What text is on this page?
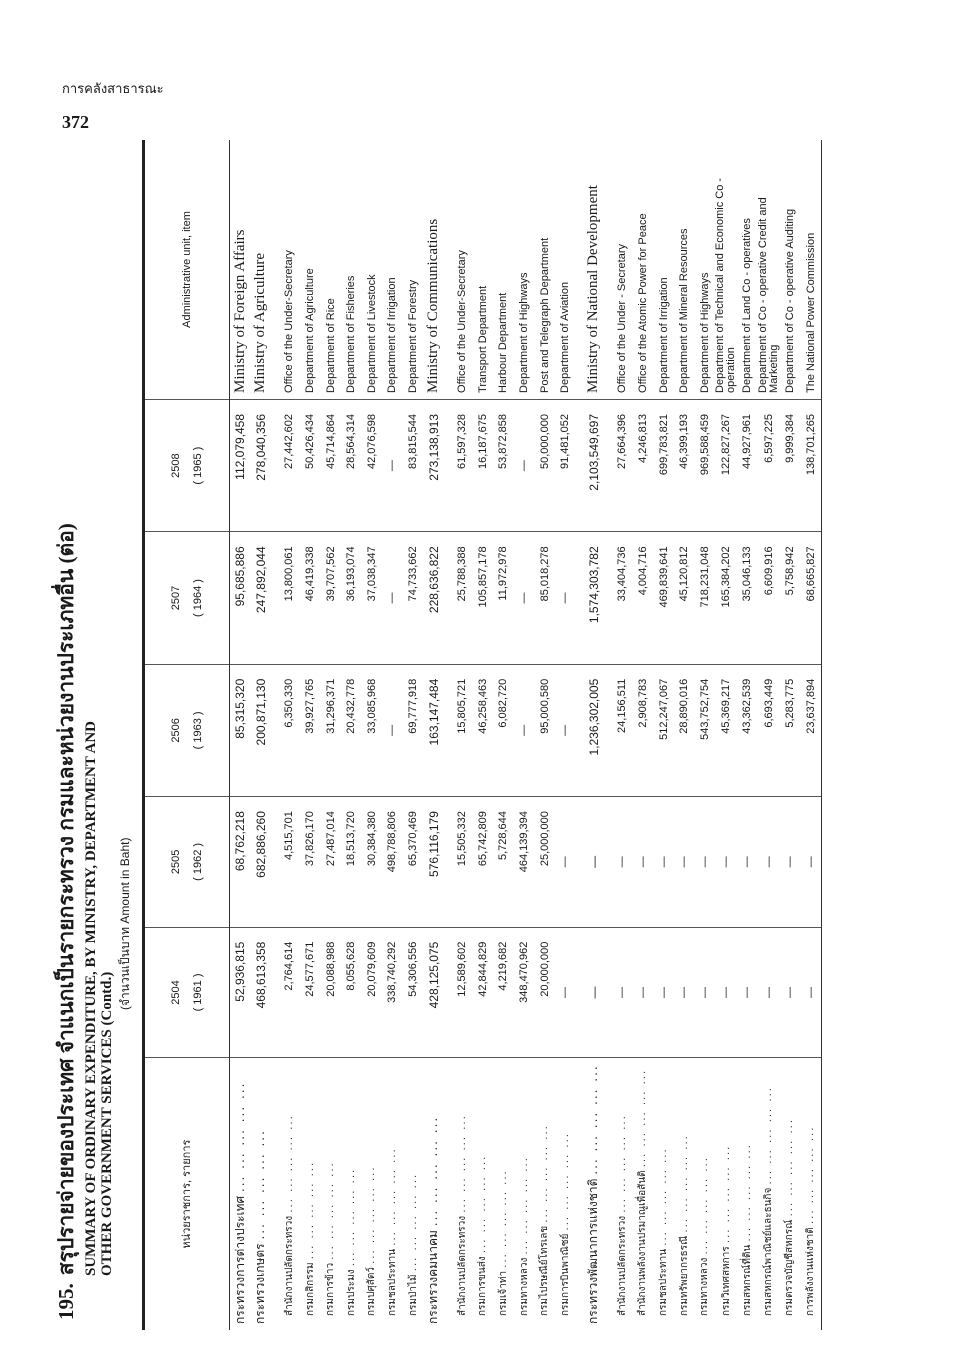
การคลังสาธารณะ
372
195.สรุปรายจ่ายของประเทศ จำแนกเป็นรายกระทรวง กรมและหน่วยงานประเภทอื่น (ต่อ) SUMMARY OF ORDINARY EXPENDITURE, BY MINISTRY, DEPARTMENT AND OTHER GOVERNMENT SERVICES (Contd.)
(จำนวนเป็นบาท Amount in Baht)
หน่วยราชการ, รายการ	2504 ( 1961 )	2505 ( 1962 )	2506 ( 1963 )	2507 ( 1964 )	2508 ( 1965 )	Administrative unit, item
กระทรวงการต่างประเทศ ... ... ... ... ...	52,936,815	68,762,218	85,315,320	95,685,886	112,079,458	Ministry of Foreign Affairs
กระทรวงเกษตร ... ... ... ... ...	468,613,358	682,886,260	200,871,130	247,892,044	278,040,356	Ministry of Agriculture

สำนักงานปลัดกระทรวง ... ... ... ... ...	2,764,614	4,515,701	6,350,330	13,800,061	27,442,602	Office of the Under-Secretary
กรมกสิกรรม ... ... ... ... ...	24,577,671	37,826,170	39,927,765	46,419,338	50,426,434	Department of Agriculture
กรมการข้าว ... ... ... ... ...	20,088,988	27,487,014	31,296,371	39,707,562	45,714,864	Department of Rice
กรมประมง ... ... ... ... ...	8,055,628	18,513,720	20,432,778	36,193,074	28,564,314	Department of Fisheries
กรมปศุสัตว์ ... ... ... ... ...	20,079,609	30,384,380	33,085,968	37,038,347	42,076,598	Department of Livestock
กรมชลประทาน ... ... ... ... ...	338,740,292	498,788,806	—	—	—	Department of Irrigation
กรมป่าไม้ ... ... ... ... ...	54,306,556	65,370,469	69,777,918	74,733,662	83,815,544	Department of Forestry
กระทรวงคมนาคม ... ... ... ... ...	428,125,075	576,116,179	163,147,484	228,636,822	273,138,913	Ministry of Communications

สำนักงานปลัดกระทรวง ... ... ... ... ...	12,589,602	15,505,332	15,805,721	25,788,388	61,597,328	Office of the Under-Secretary
กรมการขนส่ง ... ... ... ... ...	42,844,829	65,742,809	46,258,463	105,857,178	16,187,675	Transport Department
กรมเจ้าท่า ... ... ... ... ...	4,219,682	5,728,644	6,082,720	11,972,978	53,872,858	Harbour Department
กรมทางหลวง ... ... ... ... ...	348,470,962	464,139,394	—	—	—	Department of Highways
กรมไปรษณีย์โทรเลข ... ... ... ... ...	20,000,000	25,000,000	95,000,580	85,018,278	50,000,000	Post and Telegraph Department
กรมการบินพาณิชย์ ... ... ... ... ...	—	—	—	—	91,481,052	Department of Aviation

กระทรวงพัฒนาการแห่งชาติ ... ... ... ... ...	—	—	1,236,302,005	1,574,303,782	2,103,549,697	Ministry of National Development

สำนักงานปลัดกระทรวง ... ... ... ... ...	—	—	24,156,511	33,404,736	27,664,396	Office of the Under - Secretary
สำนักงานพลังงานปรมาณูเพื่อสันติ ... ... ... ... ...	—	—	2,908,783	4,004,716	4,246,813	Office of the Atomic Power for Peace
กรมชลประทาน ... ... ... ... ...	—	—	512,247,067	469,839,641	699,783,821	Department of Irrigation
กรมทรัพยากรธรณี ... ... ... ... ...	—	—	28,890,016	45,120,812	46,399,193	Department of Mineral Resources
กรมทางหลวง ... ... ... ... ...	—	—	543,752,754	718,231,048	969,588,459	Department of Highways
กรมวิเทศสหการ ... ... ... ... ...	—	—	45,369,217	165,384,202	122,827,267	Department of Technical and Economic Co - operation

กรมสหกรณ์ที่ดิน ... ... ... ... ...	—	—	43,362,539	35,046,133	44,927,961	Department of Land Co - operatives
กรมสหกรณ์พาณิชย์และธนกิจ ... ... ... ... ...	—	—	6,693,449	6,609,916	6,597,225	Department of Co - operative Credit and Marketing

กรมตรวจบัญชีสหกรณ์ ... ... ... ... ...	—	—	5,283,775	5,758,942	9,999,384	Department of Co - operative Auditing
การพลังงานแห่งชาติ ... ... ... ... ...	—	—	23,637,894	68,665,827	138,701,265	The National Power Commission
